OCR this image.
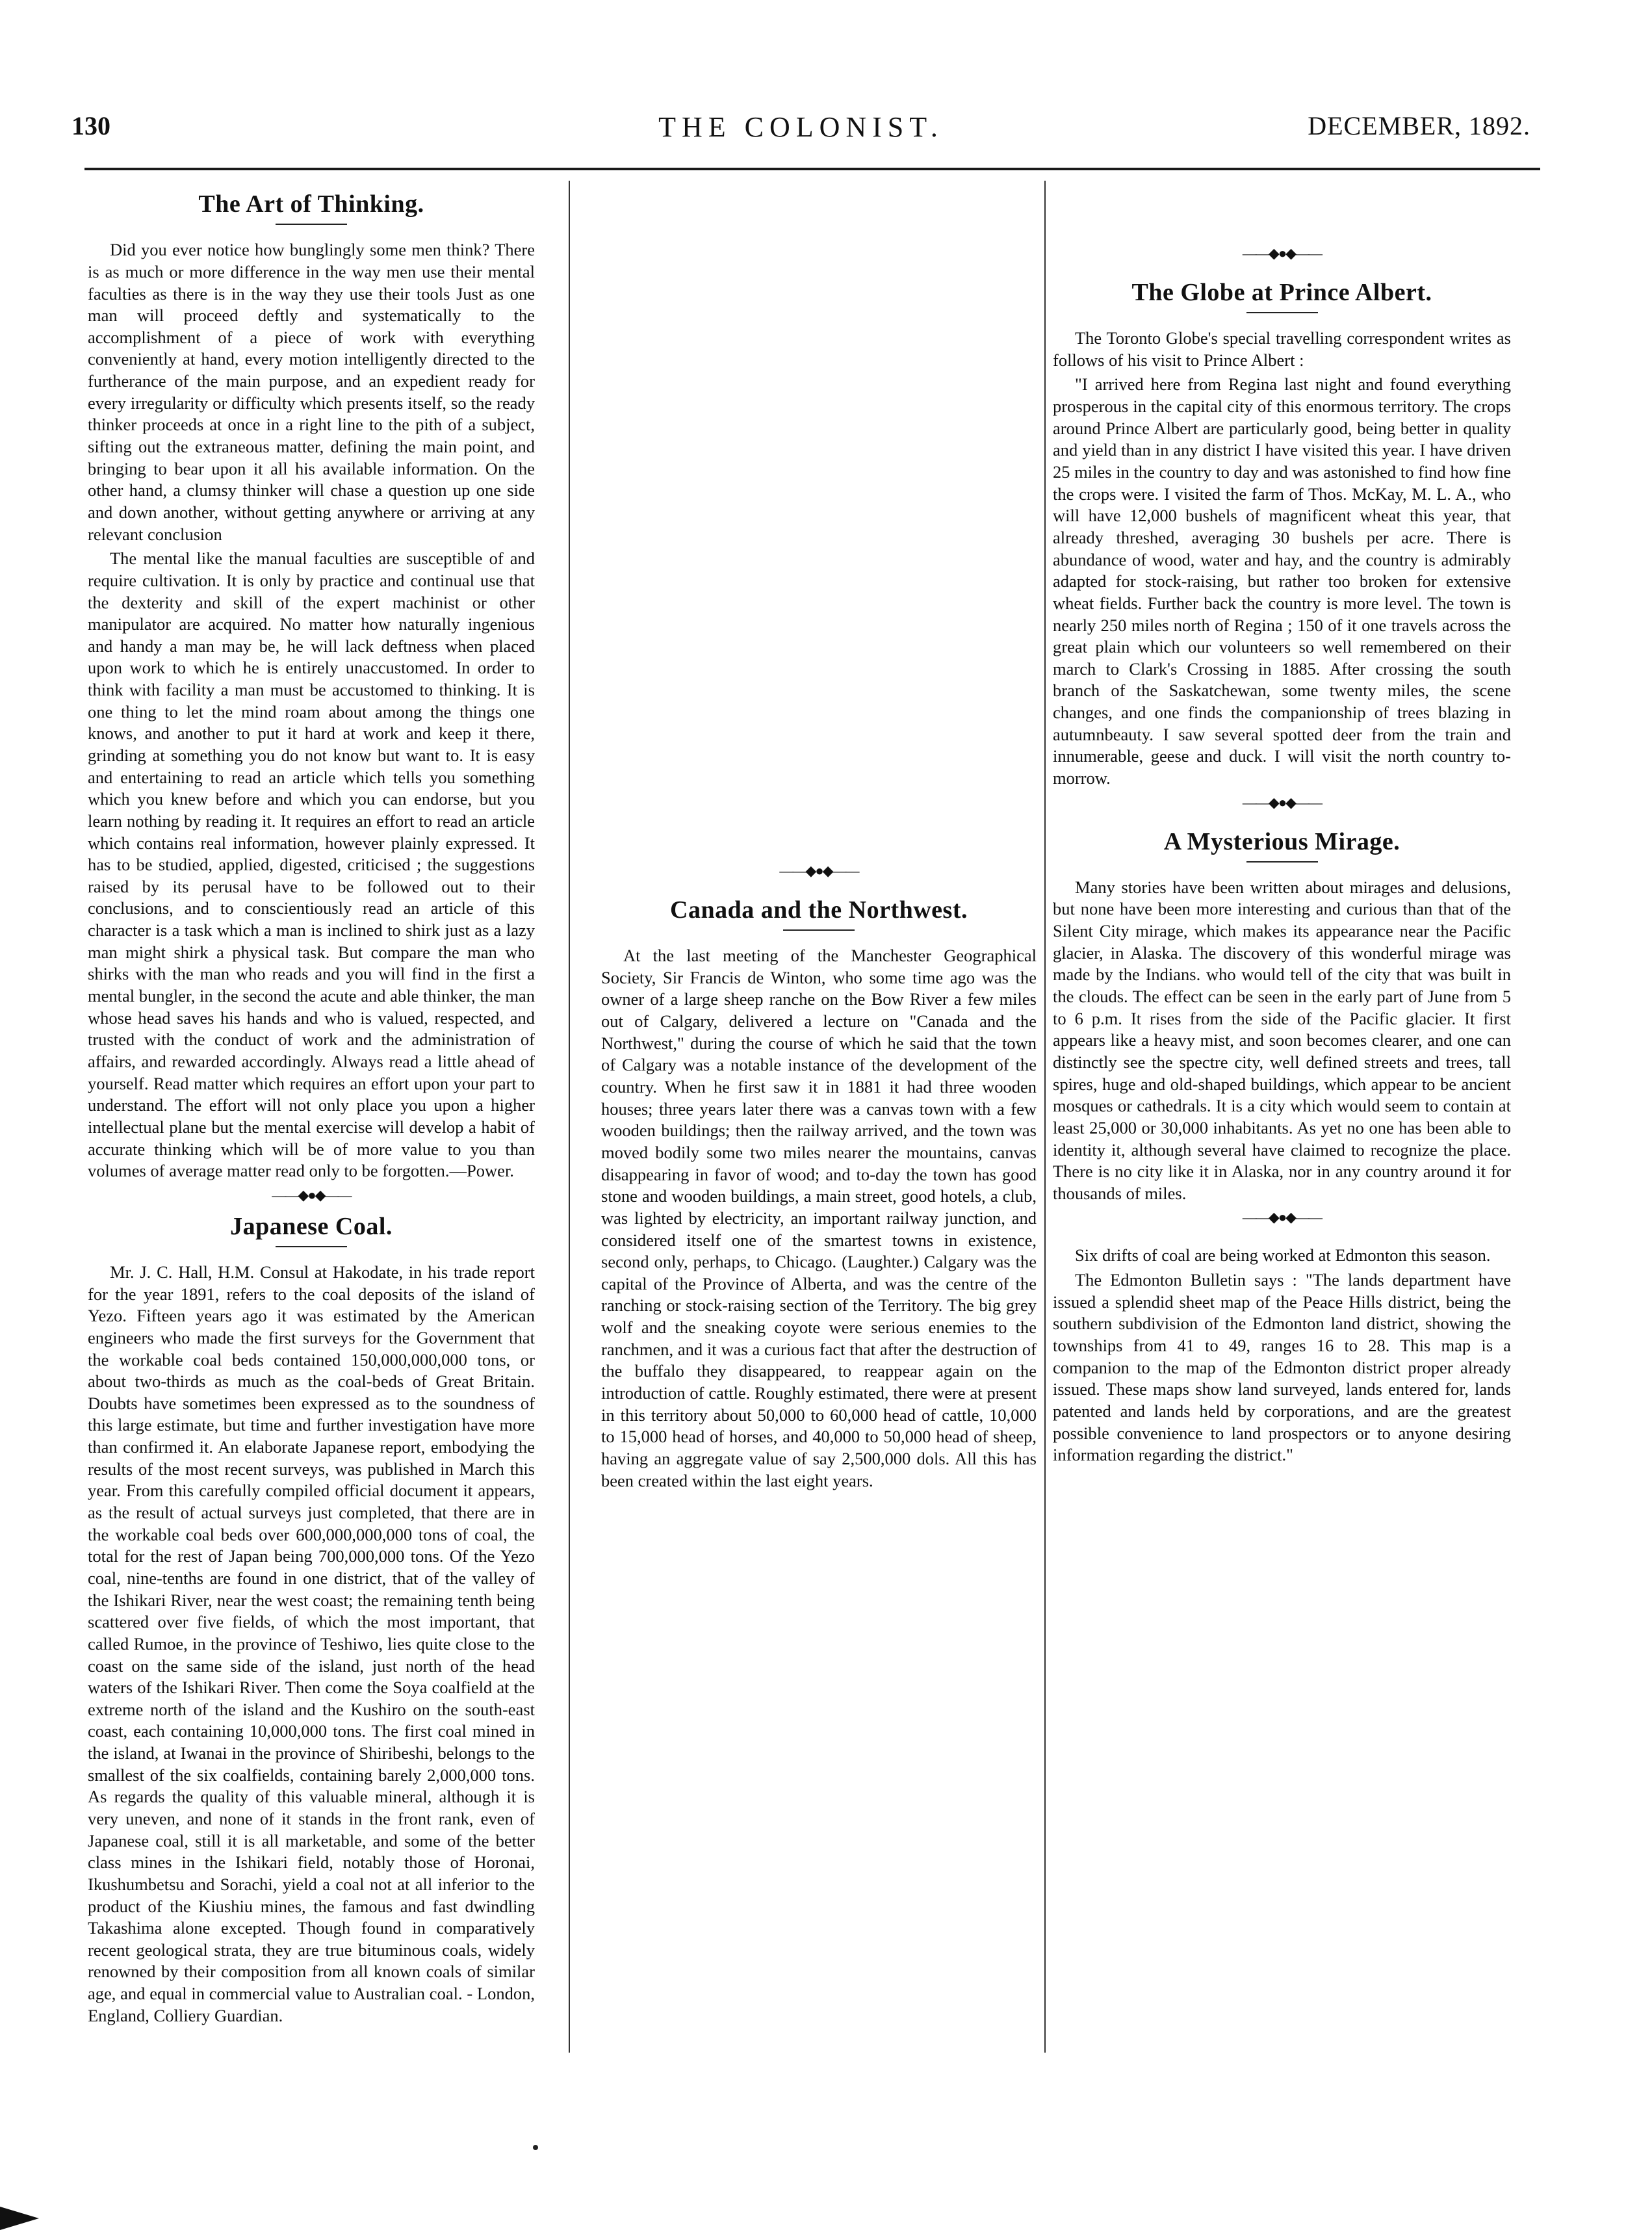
130	THE COLONIST.	DECEMBER, 1892.
The Art of Thinking.

Did you ever notice how bunglingly some men think? There is as much or more difference in the way men use their mental faculties as there is in the way they use their tools Just as one man will proceed deftly and systematically to the accomplishment of a piece of work with everything conveniently at hand, every motion intelligently directed to the furtherance of the main purpose, and an expedient ready for every irregularity or difficulty which presents itself, so the ready thinker proceeds at once in a right line to the pith of a subject, sifting out the extraneous matter, defining the main point, and bringing to bear upon it all his available information. On the other hand, a clumsy thinker will chase a question up one side and down another, without getting anywhere or arriving at any relevant conclusion

The mental like the manual faculties are susceptible of and require cultivation. It is only by practice and continual use that the dexterity and skill of the expert machinist or other manipulator are acquired. No matter how naturally ingenious and handy a man may be, he will lack deftness when placed upon work to which he is entirely unaccustomed. In order to think with facility a man must be accustomed to thinking. It is one thing to let the mind roam about among the things one knows, and another to put it hard at work and keep it there, grinding at something you do not know but want to. It is easy and entertaining to read an article which tells you something which you knew before and which you can endorse, but you learn nothing by reading it. It requires an effort to read an article which contains real information, however plainly expressed. It has to be studied, applied, digested, criticised ; the suggestions raised by its perusal have to be followed out to their conclusions, and to conscientiously read an article of this character is a task which a man is inclined to shirk just as a lazy man might shirk a physical task. But compare the man who shirks with the man who reads and you will find in the first a mental bungler, in the second the acute and able thinker, the man whose head saves his hands and who is valued, respected, and trusted with the conduct of work and the administration of affairs, and rewarded accordingly. Always read a little ahead of yourself. Read matter which requires an effort upon your part to understand. The effort will not only place you upon a higher intellectual plane but the mental exercise will develop a habit of accurate thinking which will be of more value to you than volumes of average matter read only to be forgotten.—Power.

——◆●◆——
Japanese Coal.

Mr. J. C. Hall, H.M. Consul at Hakodate, in his trade report for the year 1891, refers to the coal deposits of the island of Yezo. Fifteen years ago it was estimated by the American engineers who made the first surveys for the Government that the workable coal beds contained 150,000,000,000 tons, or about two-thirds as much as the coal-beds of Great Britain. Doubts have sometimes been expressed as to the soundness of this large estimate, but time and further investigation have more than confirmed it. An elaborate Japanese report, embodying the results of the most recent surveys, was published in March this year. From this carefully compiled official document it appears, as the result of actual surveys just completed, that there are in the workable coal beds over 600,000,000,000 tons of coal, the total for the rest of Japan being 700,000,000 tons. Of the Yezo coal, nine-tenths are found in one district, that of the valley of the Ishikari River, near the west coast; the remaining tenth being scattered over five fields, of which the most important, that called Rumoe, in the province of Teshiwo, lies quite close to the coast on the same side of the island, just north of the head waters of the Ishikari River. Then come the Soya coalfield at the extreme north of the island and the Kushiro on the south-east coast, each containing 10,000,000 tons. The first coal mined in the island, at Iwanai in the province of Shiribeshi, belongs to the smallest of the six coalfields, containing barely 2,000,000 tons. As regards the quality of this valuable mineral, although it is very uneven, and none of it stands in the front rank, even of Japanese coal, still it is all marketable, and some of the better class mines in the Ishikari field, notably those of Horonai, Ikushumbetsu and Sorachi, yield a coal not at all inferior to the product of the Kiushiu mines, the famous and fast dwindling Takashima alone excepted. Though found in comparatively recent geological strata, they are true bituminous coals, widely renowned by their composition from all known coals of similar age, and equal in commercial value to Australian coal. - London, England, Colliery Guardian.

——◆●◆——
Canada and the Northwest.

At the last meeting of the Manchester Geographical Society, Sir Francis de Winton, who some time ago was the owner of a large sheep ranche on the Bow River a few miles out of Calgary, delivered a lecture on "Canada and the Northwest," during the course of which he said that the town of Calgary was a notable instance of the development of the country. When he first saw it in 1881 it had three wooden houses; three years later there was a canvas town with a few wooden buildings; then the railway arrived, and the town was moved bodily some two miles nearer the mountains, canvas disappearing in favor of wood; and to-day the town has good stone and wooden buildings, a main street, good hotels, a club, was lighted by electricity, an important railway junction, and considered itself one of the smartest towns in existence, second only, perhaps, to Chicago. (Laughter.) Calgary was the capital of the Province of Alberta, and was the centre of the ranching or stock-raising section of the Territory. The big grey wolf and the sneaking coyote were serious enemies to the ranchmen, and it was a curious fact that after the destruction of the buffalo they disappeared, to reappear again on the introduction of cattle. Roughly estimated, there were at present in this territory about 50,000 to 60,000 head of cattle, 10,000 to 15,000 head of horses, and 40,000 to 50,000 head of sheep, having an aggregate value of say 2,500,000 dols. All this has been created within the last eight years.

——◆●◆——
The Globe at Prince Albert.

The Toronto Globe's special travelling correspondent writes as follows of his visit to Prince Albert :

"I arrived here from Regina last night and found everything prosperous in the capital city of this enormous territory. The crops around Prince Albert are particularly good, being better in quality and yield than in any district I have visited this year. I have driven 25 miles in the country to day and was astonished to find how fine the crops were. I visited the farm of Thos. McKay, M. L. A., who will have 12,000 bushels of magnificent wheat this year, that already threshed, averaging 30 bushels per acre. There is abundance of wood, water and hay, and the country is admirably adapted for stock-raising, but rather too broken for extensive wheat fields. Further back the country is more level. The town is nearly 250 miles north of Regina ; 150 of it one travels across the great plain which our volunteers so well remembered on their march to Clark's Crossing in 1885. After crossing the south branch of the Saskatchewan, some twenty miles, the scene changes, and one finds the companionship of trees blazing in autumnbeauty. I saw several spotted deer from the train and innumerable, geese and duck. I will visit the north country to-morrow.

——◆●◆——
A Mysterious Mirage.

Many stories have been written about mirages and delusions, but none have been more interesting and curious than that of the Silent City mirage, which makes its appearance near the Pacific glacier, in Alaska. The discovery of this wonderful mirage was made by the Indians. who would tell of the city that was built in the clouds. The effect can be seen in the early part of June from 5 to 6 p.m. It rises from the side of the Pacific glacier. It first appears like a heavy mist, and soon becomes clearer, and one can distinctly see the spectre city, well defined streets and trees, tall spires, huge and old-shaped buildings, which appear to be ancient mosques or cathedrals. It is a city which would seem to contain at least 25,000 or 30,000 inhabitants. As yet no one has been able to identity it, although several have claimed to recognize the place. There is no city like it in Alaska, nor in any country around it for thousands of miles.

——◆●◆——

Six drifts of coal are being worked at Edmonton this season.

The Edmonton Bulletin says : "The lands department have issued a splendid sheet map of the Peace Hills district, being the southern subdivision of the Edmonton land district, showing the townships from 41 to 49, ranges 16 to 28. This map is a companion to the map of the Edmonton district proper already issued. These maps show land surveyed, lands entered for, lands patented and lands held by corporations, and are the greatest possible convenience to land prospectors or to anyone desiring information regarding the district."
